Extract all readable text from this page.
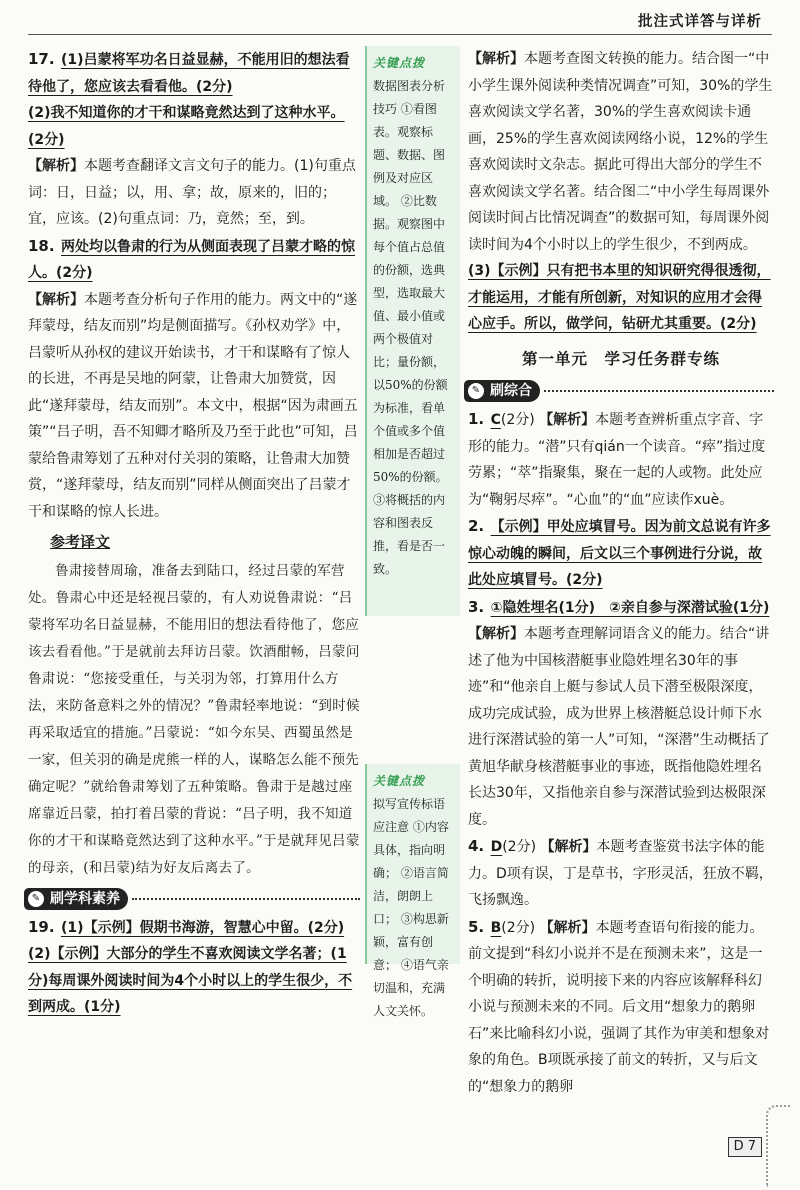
批注式详答与详析
17. (1)吕蒙将军功名日益显赫，不能用旧的想法看待他了，您应该去看看他。(2分)
(2)我不知道你的才干和谋略竟然达到了这种水平。(2分)
【解析】本题考查翻译文言文句子的能力。(1)句重点词：日，日益；以，用、拿；故，原来的，旧的；宜，应该。(2)句重点词：乃，竟然；至，到。
18. 两处均以鲁肃的行为从侧面表现了吕蒙才略的惊人。(2分)
【解析】本题考查分析句子作用的能力。两文中的“遂拜蒙母，结友而别”均是侧面描写。《孙权劝学》中，吕蒙听从孙权的建议开始读书，才干和谋略有了惊人的长进，不再是吴地的阿蒙，让鲁肃大加赞赏，因此“遂拜蒙母，结友而别”。本文中，根据“因为肃画五策”“吕子明，吾不知卿才略所及乃至于此也”可知，吕蒙给鲁肃筹划了五种对付关羽的策略，让鲁肃大加赞赏，“遂拜蒙母，结友而别”同样从侧面突出了吕蒙才干和谋略的惊人长进。
参考译文

鲁肃接替周瑜，准备去到陆口，经过吕蒙的军营处。鲁肃心中还是轻视吕蒙的，有人劝说鲁肃说：“吕蒙将军功名日益显赫，不能用旧的想法看待他了，您应该去看看他。”于是就前去拜访吕蒙。饮酒酣畅，吕蒙问鲁肃说：“您接受重任，与关羽为邻，打算用什么方法，来防备意料之外的情况？”鲁肃轻率地说：“到时候再采取适宜的措施。”吕蒙说：“如今东吴、西蜀虽然是一家，但关羽的确是虎熊一样的人，谋略怎么能不预先确定呢？”就给鲁肃筹划了五种策略。鲁肃于是越过座席靠近吕蒙，拍打着吕蒙的背说：“吕子明，我不知道你的才干和谋略竟然达到了这种水平。”于是就拜见吕蒙的母亲，(和吕蒙)结为好友后离去了。

✎ 刷学科素养
19. (1)【示例】假期书海游，智慧心中留。(2分)
(2)【示例】大部分的学生不喜欢阅读文学名著；(1分)每周课外阅读时间为4个小时以上的学生很少，不到两成。(1分)
关键点拨
数据图表分析技巧 ①看图表。观察标题、数据、图例及对应区域。 ②比数据。观察图中每个值占总值的份额，选典型，选取最大值、最小值或两个极值对比；量份额，以50%的份额为标准，看单个值或多个值相加是否超过50%的份额。 ③将概括的内容和图表反推，看是否一致。
关键点拨
拟写宣传标语应注意 ①内容具体，指向明确； ②语言简洁，朗朗上口； ③构思新颖，富有创意； ④语气亲切温和，充满人文关怀。
【解析】本题考查图文转换的能力。结合图一“中小学生课外阅读种类情况调查”可知，30%的学生喜欢阅读文学名著，30%的学生喜欢阅读卡通画，25%的学生喜欢阅读网络小说，12%的学生喜欢阅读时文杂志。据此可得出大部分的学生不喜欢阅读文学名著。结合图二“中小学生每周课外阅读时间占比情况调查”的数据可知，每周课外阅读时间为4个小时以上的学生很少，不到两成。
(3)【示例】只有把书本里的知识研究得很透彻，才能运用，才能有所创新，对知识的应用才会得心应手。所以，做学问，钻研尤其重要。(2分)
第一单元　学习任务群专练
✎ 刷综合
1. C(2分) 【解析】本题考查辨析重点字音、字形的能力。“潜”只有qián一个读音。“瘁”指过度劳累；“萃”指聚集，聚在一起的人或物。此处应为“鞠躬尽瘁”。“心血”的“血”应读作xuè。
2. 【示例】甲处应填冒号。因为前文总说有许多惊心动魄的瞬间，后文以三个事例进行分说，故此处应填冒号。(2分)
3. ①隐姓埋名(1分)　②亲自参与深潜试验(1分)
【解析】本题考查理解词语含义的能力。结合“讲述了他为中国核潜艇事业隐姓埋名30年的事迹”和“他亲自上艇与参试人员下潜至极限深度，成功完成试验，成为世界上核潜艇总设计师下水进行深潜试验的第一人”可知，“深潜”生动概括了黄旭华献身核潜艇事业的事迹，既指他隐姓埋名长达30年，又指他亲自参与深潜试验到达极限深度。
4. D(2分) 【解析】本题考查鉴赏书法字体的能力。D项有误，丁是草书，字形灵活，狂放不羁，飞扬飘逸。
5. B(2分) 【解析】本题考查语句衔接的能力。前文提到“科幻小说并不是在预测未来”，这是一个明确的转折，说明接下来的内容应该解释科幻小说与预测未来的不同。后文用“想象力的鹅卵石”来比喻科幻小说，强调了其作为审美和想象对象的角色。B项既承接了前文的转折，又与后文的“想象力的鹅卵
D 7
